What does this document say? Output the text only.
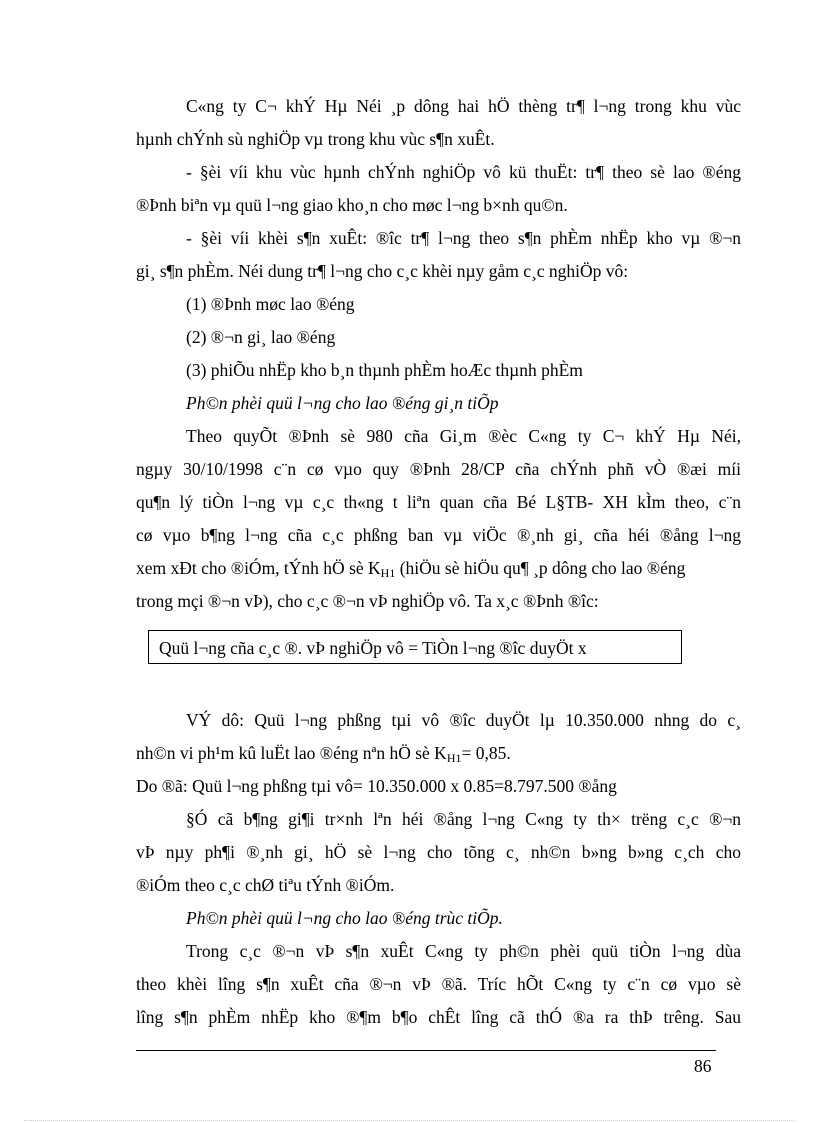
C«ng ty C¬ khÝ Hµ Néi ¸p dông hai hÖ thèng tr¶ l¬ng trong khu vùc
hµnh chÝnh sù nghiÖp vµ trong khu vùc s¶n xuÊt.
- §èi víi khu vùc hµnh chÝnh nghiÖp vô kü thuËt: tr¶ theo sè lao ®éng
®Þnh biªn vµ quü l¬ng giao kho¸n cho møc l¬ng b×nh qu©n.
- §èi víi khèi s¶n xuÊt: ®îc tr¶ l¬ng theo s¶n phÈm nhËp kho vµ ®¬n
gi¸ s¶n phÈm. Néi dung tr¶ l¬ng cho c¸c khèi nµy gåm c¸c nghiÖp vô:
(1) ®Þnh møc lao ®éng
(2) ®¬n gi¸ lao ®éng
(3) phiÕu nhËp kho b¸n thµnh phÈm hoÆc thµnh phÈm
Ph©n phèi quü l¬ng cho lao ®éng gi¸n tiÕp
Theo quyÕt ®Þnh sè 980 cña Gi¸m ®èc C«ng ty C¬ khÝ Hµ Néi,
ngµy 30/10/1998 c¨n cø vµo quy ®Þnh 28/CP cña chÝnh phñ vÒ ®æi míi
qu¶n lý tiÒn l¬ng vµ c¸c th«ng t liªn quan cña Bé L§TB- XH kÌm theo, c¨n
cø vµo b¶ng l¬ng cña c¸c phßng ban vµ viÖc ®¸nh gi¸ cña héi ®ång l¬ng
xem xÐt cho ®iÓm, tÝnh hÖ sè $K_{H1}$ (hiÖu sè hiÖu qu¶ ¸p dông cho lao ®éng
trong mçi ®¬n vÞ), cho c¸c ®¬n vÞ nghiÖp vô. Ta x¸c ®Þnh ®îc:
Quü l¬ng cña c¸c ®. vÞ nghiÖp vô = TiÒn l¬ng ®îc duyÖt x
VÝ dô: Quü l¬ng phßng tµi vô ®îc duyÖt lµ 10.350.000 nhng do c¸
nh©n vi ph¹m kû luËt lao ®éng nªn hÖ sè $K_{H1}= 0,85$.
Do ®ã: Quü l¬ng phßng tµi vô= 10.350.000 x 0.85=8.797.500 ®ång
§Ó cã b¶ng gi¶i tr×nh lªn héi ®ång l¬ng C«ng ty th× trëng c¸c ®¬n
vÞ nµy ph¶i ®¸nh gi¸ hÖ sè l¬ng cho tõng c¸ nh©n b»ng b»ng c¸ch cho
®iÓm theo c¸c chØ tiªu tÝnh ®iÓm.
Ph©n phèi quü l¬ng cho lao ®éng trùc tiÕp.
Trong c¸c ®¬n vÞ s¶n xuÊt C«ng ty ph©n phèi quü tiÒn l¬ng dùa
theo khèi lîng s¶n xuÊt cña ®¬n vÞ ®ã. Tríc hÕt C«ng ty c¨n cø vµo sè
lîng s¶n phÈm nhËp kho ®¶m b¶o chÊt lîng cã thÓ ®a ra thÞ trêng. Sau
86
